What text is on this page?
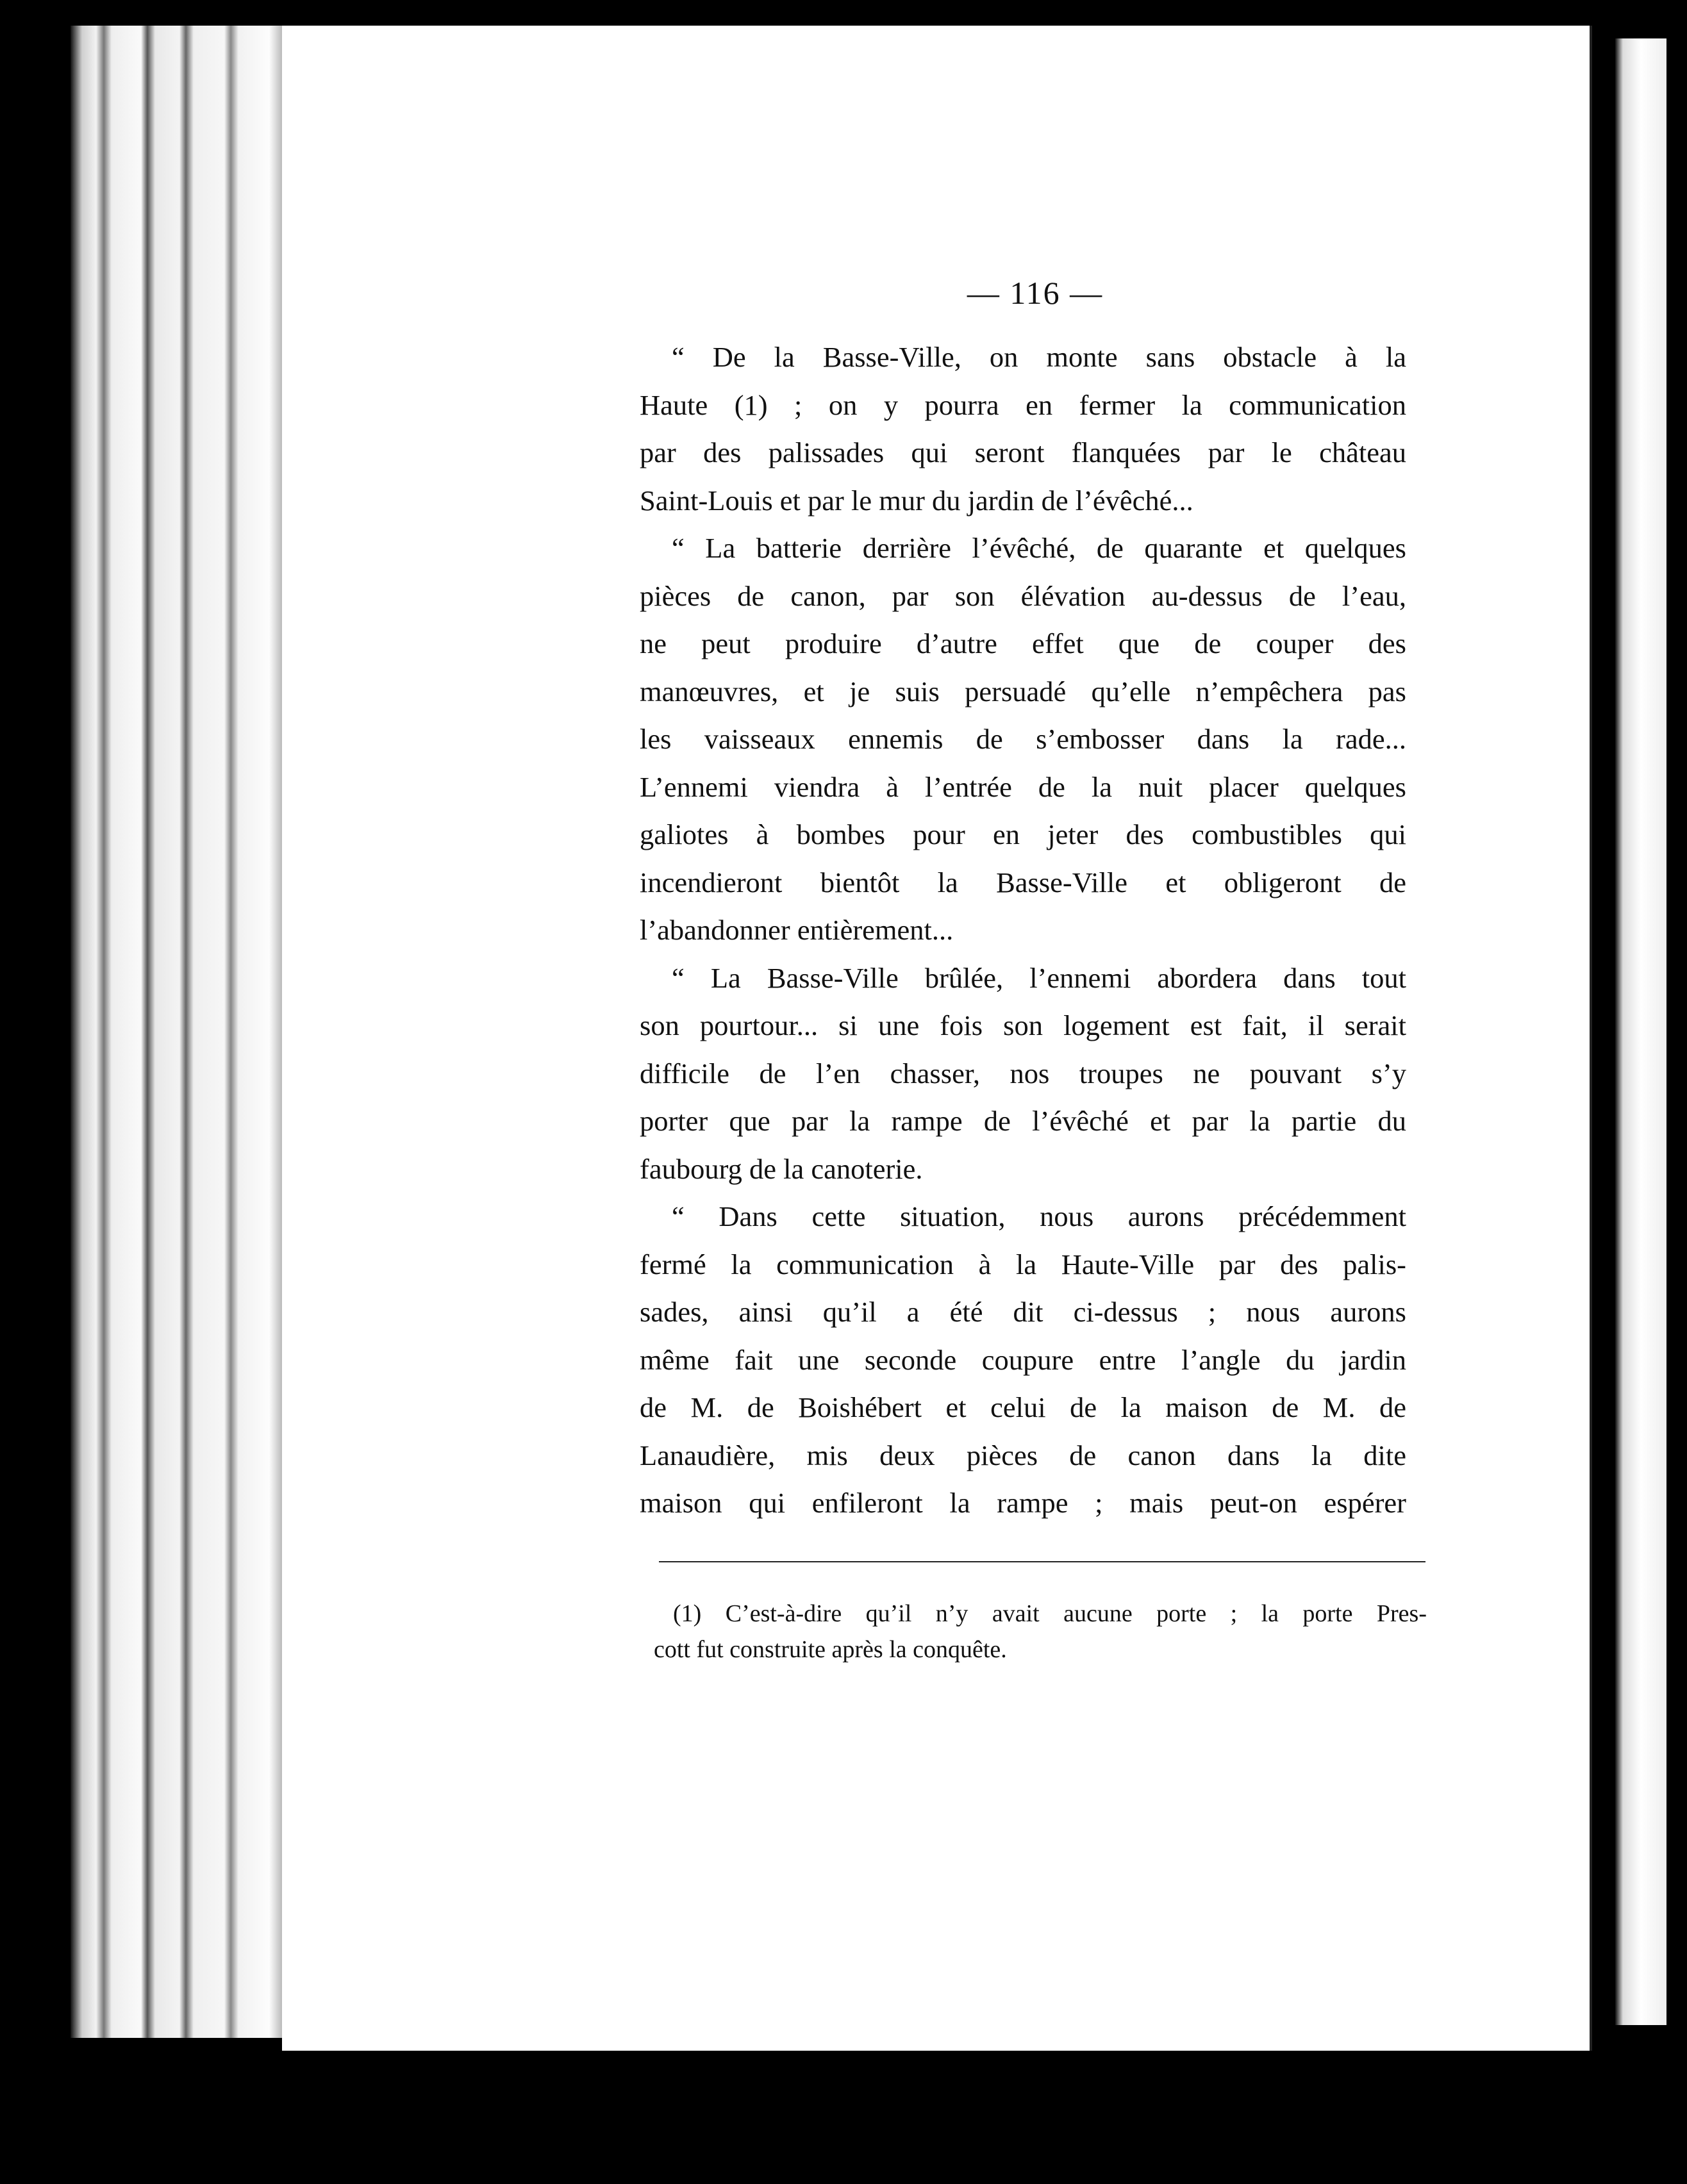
— 116 —
“ De la Basse-Ville, on monte sans obstacle à la
Haute (1) ; on y pourra en fermer la communication
par des palissades qui seront flanquées par le château
Saint-Louis et par le mur du jardin de l’évêché...
“ La batterie derrière l’évêché, de quarante et quelques
pièces de canon, par son élévation au-dessus de l’eau,
ne peut produire d’autre effet que de couper des
manœuvres, et je suis persuadé qu’elle n’empêchera pas
les vaisseaux ennemis de s’embosser dans la rade...
L’ennemi viendra à l’entrée de la nuit placer quelques
galiotes à bombes pour en jeter des combustibles qui
incendieront bientôt la Basse-Ville et obligeront de
l’abandonner entièrement...
“ La Basse-Ville brûlée, l’ennemi abordera dans tout
son pourtour... si une fois son logement est fait, il serait
difficile de l’en chasser, nos troupes ne pouvant s’y
porter que par la rampe de l’évêché et par la partie du
faubourg de la canoterie.
“ Dans cette situation, nous aurons précédemment
fermé la communication à la Haute-Ville par des palis-
sades, ainsi qu’il a été dit ci-dessus ; nous aurons
même fait une seconde coupure entre l’angle du jardin
de M. de Boishébert et celui de la maison de M. de
Lanaudière, mis deux pièces de canon dans la dite
maison qui enfileront la rampe ; mais peut-on espérer
(1) C’est-à-dire qu’il n’y avait aucune porte ; la porte Pres-
cott fut construite après la conquête.
